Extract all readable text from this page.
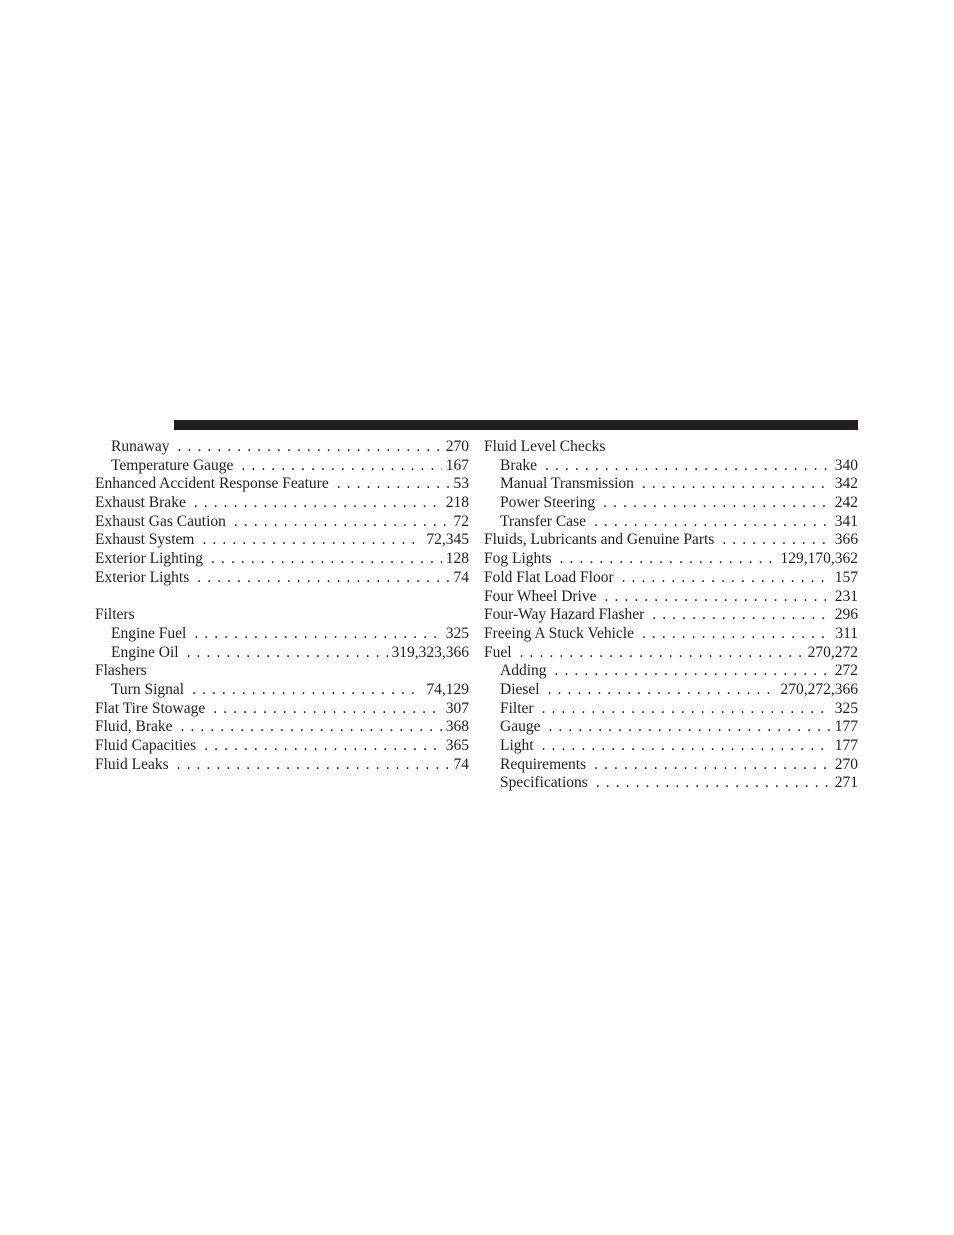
Runaway . . .	270
Temperature Gauge . . .	167
Enhanced Accident Response Feature . . .	53
Exhaust Brake . . .	218
Exhaust Gas Caution . . .	72
Exhaust System . . .	72,345
Exterior Lighting . . .	128
Exterior Lights . . .	74
Filters
Engine Fuel . . .	325
Engine Oil . . .	319,323,366
Flashers
Turn Signal . . .	74,129
Flat Tire Stowage . . .	307
Fluid, Brake . . .	368
Fluid Capacities . . .	365
Fluid Leaks . . .	74
Fluid Level Checks
Brake . . .	340
Manual Transmission . . .	342
Power Steering . . .	242
Transfer Case . . .	341
Fluids, Lubricants and Genuine Parts . . .	366
Fog Lights . . .	129,170,362
Fold Flat Load Floor . . .	157
Four Wheel Drive . . .	231
Four-Way Hazard Flasher . . .	296
Freeing A Stuck Vehicle . . .	311
Fuel . . .	270,272
Adding . . .	272
Diesel . . .	270,272,366
Filter . . .	325
Gauge . . .	177
Light . . .	177
Requirements . . .	270
Specifications . . .	271
